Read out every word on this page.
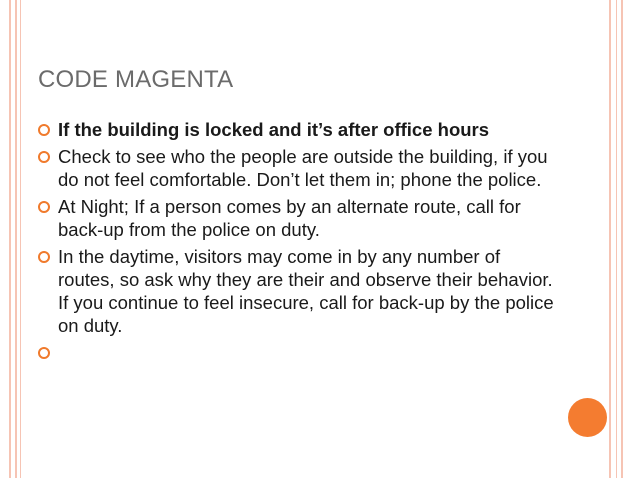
CODE MAGENTA
If the building is locked and it’s after office hours
Check to see who the people are outside the building, if you do not feel comfortable. Don’t let them in; phone the police.
At Night; If a person comes by an alternate route, call for back-up from the police on duty.
In the daytime, visitors may come in by any number of routes, so ask why they are their and observe their behavior. If you continue to feel insecure, call for back-up by the police on duty.
